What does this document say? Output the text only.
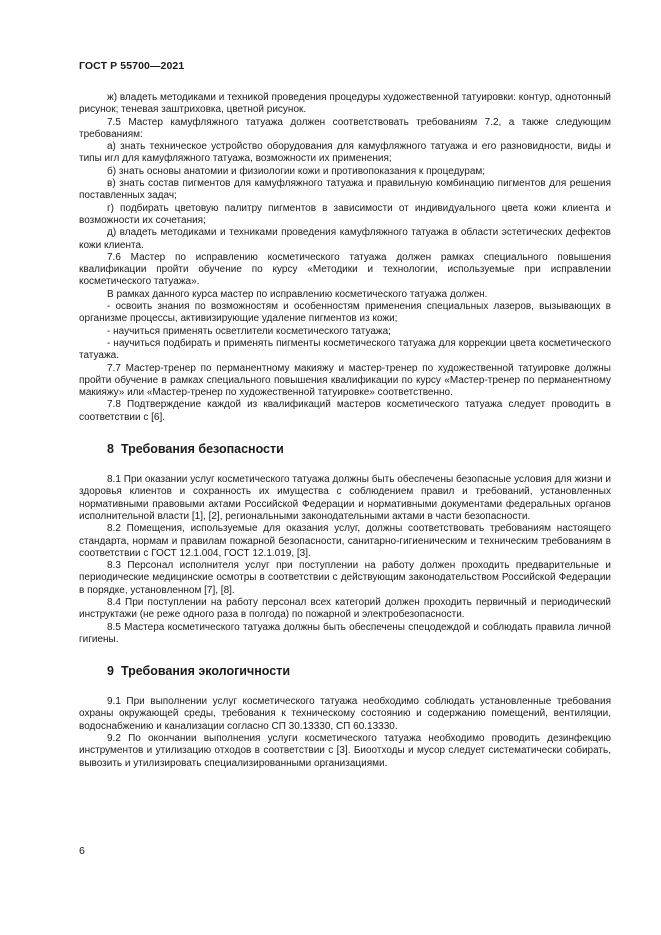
ГОСТ Р 55700—2021

ж) владеть методиками и техникой проведения процедуры художественной татуировки: контур, однотонный рисунок; теневая заштриховка, цветной рисунок.

7.5 Мастер камуфляжного татуажа должен соответствовать требованиям 7.2, а также следующим требованиям:

а) знать техническое устройство оборудования для камуфляжного татуажа и его разновидности, виды и типы игл для камуфляжного татуажа, возможности их применения;

б) знать основы анатомии и физиологии кожи и противопоказания к процедурам;

в) знать состав пигментов для камуфляжного татуажа и правильную комбинацию пигментов для решения поставленных задач;

г) подбирать цветовую палитру пигментов в зависимости от индивидуального цвета кожи клиента и возможности их сочетания;

д) владеть методиками и техниками проведения камуфляжного татуажа в области эстетических дефектов кожи клиента.

7.6 Мастер по исправлению косметического татуажа должен рамках специального повышения квалификации пройти обучение по курсу «Методики и технологии, используемые при исправлении косметического татуажа».

В рамках данного курса мастер по исправлению косметического татуажа должен.

- освоить знания по возможностям и особенностям применения специальных лазеров, вызывающих в организме процессы, активизирующие удаление пигментов из кожи;

- научиться применять осветлители косметического татуажа;

- научиться подбирать и применять пигменты косметического татуажа для коррекции цвета косметического татуажа.

7.7 Мастер-тренер по перманентному макияжу и мастер-тренер по художественной татуировке должны пройти обучение в рамках специального повышения квалификации по курсу «Мастер-тренер по перманентному макияжу» или «Мастер-тренер по художественной татуировке» соответственно.

7.8 Подтверждение каждой из квалификаций мастеров косметического татуажа следует проводить в соответствии с [6].

8 Требования безопасности

8.1 При оказании услуг косметического татуажа должны быть обеспечены безопасные условия для жизни и здоровья клиентов и сохранность их имущества с соблюдением правил и требований, установленных нормативными правовыми актами Российской Федерации и нормативными документами федеральных органов исполнительной власти [1], [2], региональными законодательными актами в части безопасности.

8.2 Помещения, используемые для оказания услуг, должны соответствовать требованиям настоящего стандарта, нормам и правилам пожарной безопасности, санитарно-гигиеническим и техническим требованиям в соответствии с ГОСТ 12.1.004, ГОСТ 12.1.019, [3].

8.3 Персонал исполнителя услуг при поступлении на работу должен проходить предварительные и периодические медицинские осмотры в соответствии с действующим законодательством Российской Федерации в порядке, установленном [7], [8].

8.4 При поступлении на работу персонал всех категорий должен проходить первичный и периодический инструктажи (не реже одного раза в полгода) по пожарной и электробезопасности.

8.5 Мастера косметического татуажа должны быть обеспечены спецодеждой и соблюдать правила личной гигиены.

9 Требования экологичности

9.1 При выполнении услуг косметического татуажа необходимо соблюдать установленные требования охраны окружающей среды, требования к техническому состоянию и содержанию помещений, вентиляции, водоснабжению и канализации согласно СП 30.13330, СП 60.13330.

9.2 По окончании выполнения услуги косметического татуажа необходимо проводить дезинфекцию инструментов и утилизацию отходов в соответствии с [3]. Биоотходы и мусор следует систематически собирать, вывозить и утилизировать специализированными организациями.

6
